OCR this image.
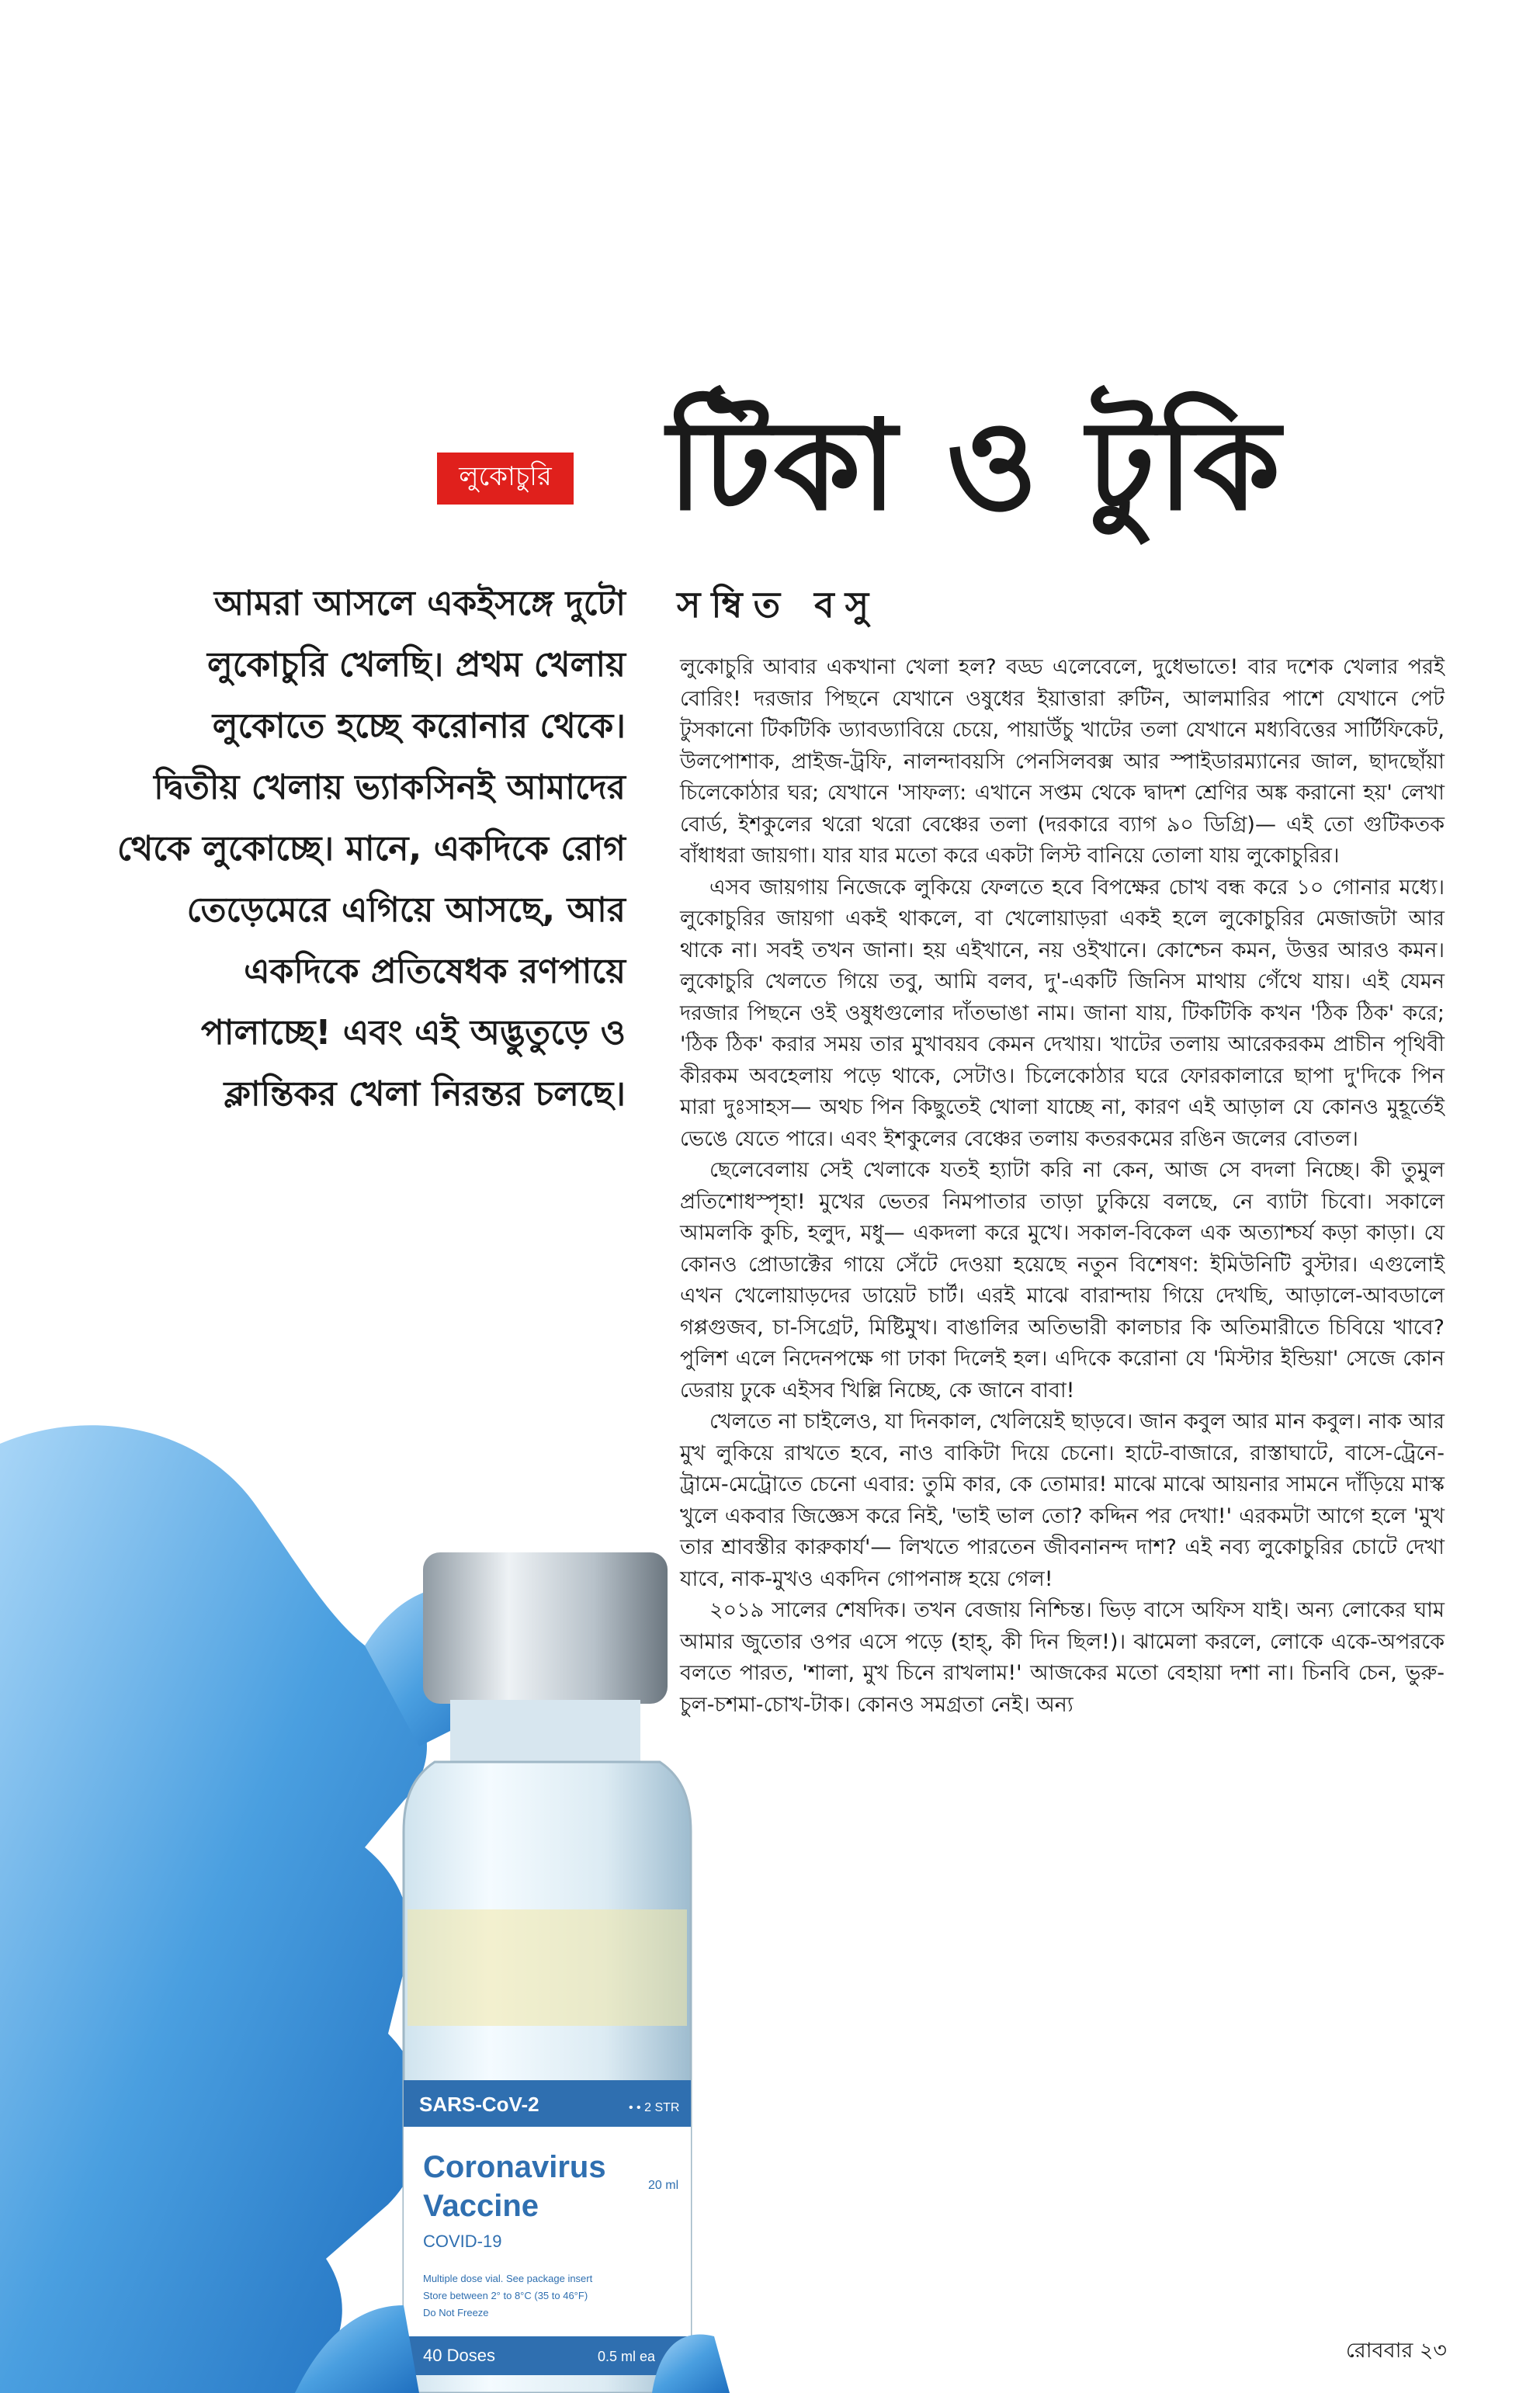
লুকোচুরি টিকা ও টুকি
সম্বিত বসু

আমরা আসলে একইসঙ্গে দুটো লুকোচুরি খেলছি। প্রথম খেলায় লুকোতে হচ্ছে করোনার থেকে। দ্বিতীয় খেলায় ভ্যাকসিনই আমাদের থেকে লুকোচ্ছে। মানে, একদিকে রোগ তেড়েমেরে এগিয়ে আসছে, আর একদিকে প্রতিষেধক রণপায়ে পালাচ্ছে! এবং এই অদ্ভুতুড়ে ও ক্লান্তিকর খেলা নিরন্তর চলছে।

লুকোচুরি আবার একখানা খেলা হল? বড্ড এলেবেলে, দুধেভাতে! বার দশেক খেলার পরই বোরিং! দরজার পিছনে যেখানে ওষুধের ইয়াত্তারা রুটিন, আলমারির পাশে যেখানে পেট টুসকানো টিকটিকি ড্যাবড্যাবিয়ে চেয়ে, পায়াউঁচু খাটের তলা যেখানে মধ্যবিত্তের সার্টিফিকেট, উলপোশাক, প্রাইজ-ট্রফি, নালন্দাবয়সি পেনসিলবক্স আর স্পাইডারম্যানের জাল, ছাদছোঁয়া চিলেকোঠার ঘর; যেখানে 'সাফল্য: এখানে সপ্তম থেকে দ্বাদশ শ্রেণির অঙ্ক করানো হয়' লেখা বোর্ড, ইশকুলের থরো থরো বেঞ্চের তলা (দরকারে ব্যাগ ৯০ ডিগ্রি)— এই তো গুটিকতক বাঁধাধরা জায়গা। যার যার মতো করে একটা লিস্ট বানিয়ে তোলা যায় লুকোচুরির।

এসব জায়গায় নিজেকে লুকিয়ে ফেলতে হবে বিপক্ষের চোখ বন্ধ করে ১০ গোনার মধ্যে। লুকোচুরির জায়গা একই থাকলে, বা খেলোয়াড়রা একই হলে লুকোচুরির মেজাজটা আর থাকে না। সবই তখন জানা। হয় এইখানে, নয় ওইখানে। কোশ্চেন কমন, উত্তর আরও কমন। লুকোচুরি খেলতে গিয়ে তবু, আমি বলব, দু'-একটি জিনিস মাথায় গেঁথে যায়। এই যেমন দরজার পিছনে ওই ওষুধগুলোর দাঁতভাঙা নাম। জানা যায়, টিকটিকি কখন 'ঠিক ঠিক' করে; 'ঠিক ঠিক' করার সময় তার মুখাবয়ব কেমন দেখায়। খাটের তলায় আরেকরকম প্রাচীন পৃথিবী কীরকম অবহেলায় পড়ে থাকে, সেটাও। চিলেকোঠার ঘরে ফোরকালারে ছাপা দু'দিকে পিন মারা দুঃসাহস— অথচ পিন কিছুতেই খোলা যাচ্ছে না, কারণ এই আড়াল যে কোনও মুহূর্তেই ভেঙে যেতে পারে। এবং ইশকুলের বেঞ্চের তলায় কতরকমের রঙিন জলের বোতল।

ছেলেবেলায় সেই খেলাকে যতই হ্যাটা করি না কেন, আজ সে বদলা নিচ্ছে। কী তুমুল প্রতিশোধস্পৃহা! মুখের ভেতর নিমপাতার তাড়া ঢুকিয়ে বলছে, নে ব্যাটা চিবো। সকালে আমলকি কুচি, হলুদ, মধু— একদলা করে মুখে। সকাল-বিকেল এক অত্যাশ্চর্য কড়া কাড়া। যে কোনও প্রোডাক্টের গায়ে সেঁটে দেওয়া হয়েছে নতুন বিশেষণ: ইমিউনিটি বুস্টার। এগুলোই এখন খেলোয়াড়দের ডায়েট চার্ট। এরই মাঝে বারান্দায় গিয়ে দেখছি, আড়ালে-আবডালে গপ্পগুজব, চা-সিগ্রেট, মিষ্টিমুখ। বাঙালির অতিভারী কালচার কি অতিমারীতে চিবিয়ে খাবে? পুলিশ এলে নিদেনপক্ষে গা ঢাকা দিলেই হল। এদিকে করোনা যে 'মিস্টার ইন্ডিয়া' সেজে কোন ডেরায় ঢুকে এইসব খিল্লি নিচ্ছে, কে জানে বাবা!

খেলতে না চাইলেও, যা দিনকাল, খেলিয়েই ছাড়বে। জান কবুল আর মান কবুল। নাক আর মুখ লুকিয়ে রাখতে হবে, নাও বাকিটা দিয়ে চেনো। হাটে-বাজারে, রাস্তাঘাটে, বাসে-ট্রেনে-ট্রামে-মেট্রোতে চেনো এবার: তুমি কার, কে তোমার! মাঝে মাঝে আয়নার সামনে দাঁড়িয়ে মাস্ক খুলে একবার জিজ্ঞেস করে নিই, 'ভাই ভাল তো? কদ্দিন পর দেখা!' এরকমটা আগে হলে 'মুখ তার শ্রাবস্তীর কারুকার্য'— লিখতে পারতেন জীবনানন্দ দাশ? এই নব্য লুকোচুরির চোটে দেখা যাবে, নাক-মুখও একদিন গোপনাঙ্গ হয়ে গেল!

২০১৯ সালের শেষদিক। তখন বেজায় নিশ্চিন্ত। ভিড় বাসে অফিস যাই। অন্য লোকের ঘাম আমার জুতোর ওপর এসে পড়ে (হাহ্, কী দিন ছিল!)। ঝামেলা করলে, লোকে একে-অপরকে বলতে পারত, 'শালা, মুখ চিনে রাখলাম!' আজকের মতো বেহায়া দশা না। চিনবি চেন, ভুরু-চুল-চশমা-চোখ-টাক। কোনও সমগ্রতা নেই। অন্য

SARS-CoV-2	• • 2 STR
Coronavirus
Vaccine
COVID-19
20 ml
Multiple dose vial. See package insert
Store between 2° to 8°C (35 to 46°F)
Do Not Freeze
40 Doses	0.5 ml ea	রোববার ২৩
